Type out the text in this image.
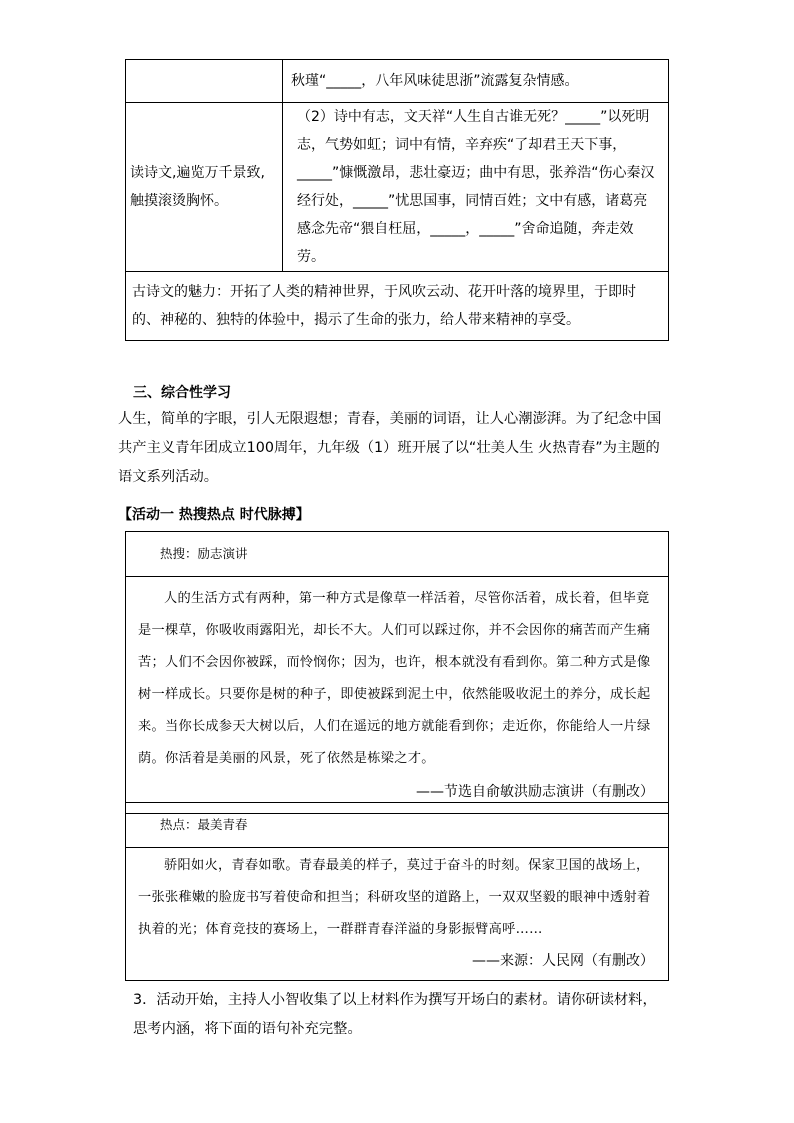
	秋瑾“_____，八年风味徒思浙”流露复杂情感。
读诗文,遍览万千景致,触摸滚烫胸怀。	（2）诗中有志，文天祥“人生自古谁无死？_____”以死明志，气势如虹；词中有情，辛弃疾“了却君王天下事，_____”慷慨激昂，悲壮豪迈；曲中有思，张养浩“伤心秦汉经行处，_____”忧思国事，同情百姓；文中有感，诸葛亮感念先帝“猥自枉屈，_____，_____”舍命追随，奔走效劳。
古诗文的魅力：开拓了人类的精神世界，于风吹云动、花开叶落的境界里，于即时的、神秘的、独特的体验中，揭示了生命的张力，给人带来精神的享受。	
三、综合性学习
人生，简单的字眼，引人无限遐想；青春，美丽的词语，让人心潮澎湃。为了纪念中国共产主义青年团成立100周年，九年级（1）班开展了以“壮美人生 火热青春”为主题的语文系列活动。
【活动一 热搜热点 时代脉搏】
热搜：励志演讲
人的生活方式有两种，第一种方式是像草一样活着，尽管你活着，成长着，但毕竟是一棵草，你吸收雨露阳光，却长不大。人们可以踩过你，并不会因你的痛苦而产生痛苦；人们不会因你被踩，而怜悯你；因为，也许，根本就没有看到你。第二种方式是像树一样成长。只要你是树的种子，即使被踩到泥土中，依然能吸收泥土的养分，成长起来。当你长成参天大树以后，人们在遥远的地方就能看到你；走近你，你能给人一片绿荫。你活着是美丽的风景，死了依然是栋梁之才。
——节选自俞敏洪励志演讲（有删改）
热点：最美青春
骄阳如火，青春如歌。青春最美的样子，莫过于奋斗的时刻。保家卫国的战场上，一张张稚嫩的脸庞书写着使命和担当；科研攻坚的道路上，一双双坚毅的眼神中透射着执着的光；体育竞技的赛场上，一群群青春洋溢的身影振臂高呼……
——来源：人民网（有删改）
3．活动开始，主持人小智收集了以上材料作为撰写开场白的素材。请你研读材料，思考内涵，将下面的语句补充完整。
